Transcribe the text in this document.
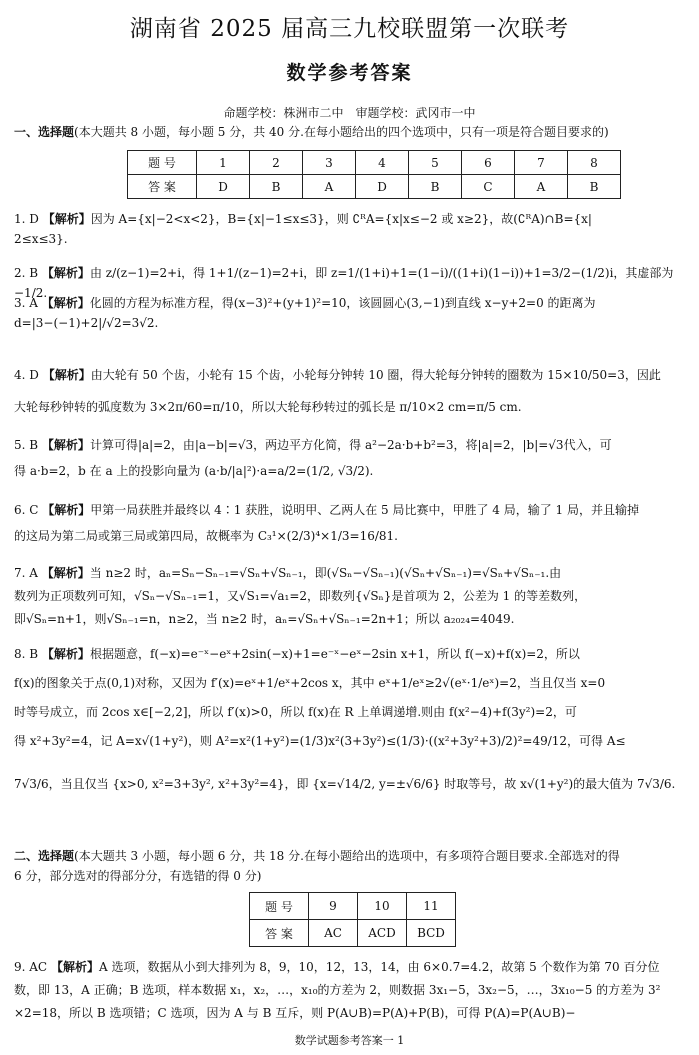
湖南省 2025 届高三九校联盟第一次联考
数学参考答案
命题学校：株洲市二中　审题学校：武冈市一中
一、选择题(本大题共 8 小题，每小题 5 分，共 40 分.在每小题给出的四个选项中，只有一项是符合题目要求的)
题 号	1	2	3	4	5	6	7	8
答 案	D	B	A	D	B	C	A	B
1. D 【解析】因为 A={x|−2<x<2}，B={x|−1≤x≤3}，则 ∁ᴿA={x|x≤−2 或 x≥2}，故(∁ᴿA)∩B={x|
2≤x≤3}.
2. B 【解析】由 z/(z−1)=2+i，得 1+1/(z−1)=2+i，即 z=1/(1+i)+1=(1−i)/((1+i)(1−i))+1=3/2−(1/2)i，其虚部为 −1/2.
3. A 【解析】化圆的方程为标准方程，得(x−3)²+(y+1)²=10，该圆圆心(3,−1)到直线 x−y+2=0 的距离为
d=|3−(−1)+2|/√2=3√2.
4. D 【解析】由大轮有 50 个齿，小轮有 15 个齿，小轮每分钟转 10 圈，得大轮每分钟转的圈数为 15×10/50=3，因此
大轮每秒钟转的弧度数为 3×2π/60=π/10，所以大轮每秒转过的弧长是 π/10×2 cm=π/5 cm.
5. B 【解析】计算可得|a|=2，由|a−b|=√3，两边平方化简，得 a²−2a·b+b²=3，将|a|=2，|b|=√3代入，可
得 a·b=2，b 在 a 上的投影向量为 (a·b/|a|²)·a=a/2=(1/2, √3/2).
6. C 【解析】甲第一局获胜并最终以 4∶1 获胜，说明甲、乙两人在 5 局比赛中，甲胜了 4 局，输了 1 局，并且输掉
的这局为第二局或第三局或第四局，故概率为 C₃¹×(2/3)⁴×1/3=16/81.
7. A 【解析】当 n≥2 时，aₙ=Sₙ−Sₙ₋₁=√Sₙ+√Sₙ₋₁，即(√Sₙ−√Sₙ₋₁)(√Sₙ+√Sₙ₋₁)=√Sₙ+√Sₙ₋₁.由
数列为正项数列可知，√Sₙ−√Sₙ₋₁=1，又√S₁=√a₁=2，即数列{√Sₙ}是首项为 2，公差为 1 的等差数列，
即√Sₙ=n+1，则√Sₙ₋₁=n，n≥2，当 n≥2 时，aₙ=√Sₙ+√Sₙ₋₁=2n+1；所以 a₂₀₂₄=4049.
8. B 【解析】根据题意，f(−x)=e⁻ˣ−eˣ+2sin(−x)+1=e⁻ˣ−eˣ−2sin x+1，所以 f(−x)+f(x)=2，所以
f(x)的图象关于点(0,1)对称，又因为 f′(x)=eˣ+1/eˣ+2cos x，其中 eˣ+1/eˣ≥2√(eˣ·1/eˣ)=2，当且仅当 x=0
时等号成立，而 2cos x∈[−2,2]，所以 f′(x)>0，所以 f(x)在 R 上单调递增.则由 f(x²−4)+f(3y²)=2，可
得 x²+3y²=4，记 A=x√(1+y²)，则 A²=x²(1+y²)=(1/3)x²(3+3y²)≤(1/3)·((x²+3y²+3)/2)²=49/12，可得 A≤
7√3/6，当且仅当 {x>0, x²=3+3y², x²+3y²=4}，即 {x=√14/2, y=±√6/6} 时取等号，故 x√(1+y²)的最大值为 7√3/6.
二、选择题(本大题共 3 小题，每小题 6 分，共 18 分.在每小题给出的选项中，有多项符合题目要求.全部选对的得
6 分，部分选对的得部分分，有选错的得 0 分)
题 号	9	10	11
答 案	AC	ACD	BCD
9. AC 【解析】A 选项，数据从小到大排列为 8，9，10，12，13，14，由 6×0.7=4.2，故第 5 个数作为第 70 百分位
数，即 13，A 正确；B 选项，样本数据 x₁，x₂，…，x₁₀的方差为 2，则数据 3x₁−5，3x₂−5，…，3x₁₀−5 的方差为 3²
×2=18，所以 B 选项错；C 选项，因为 A 与 B 互斥，则 P(A∪B)=P(A)+P(B)，可得 P(A)=P(A∪B)−
数学试题参考答案一 1
